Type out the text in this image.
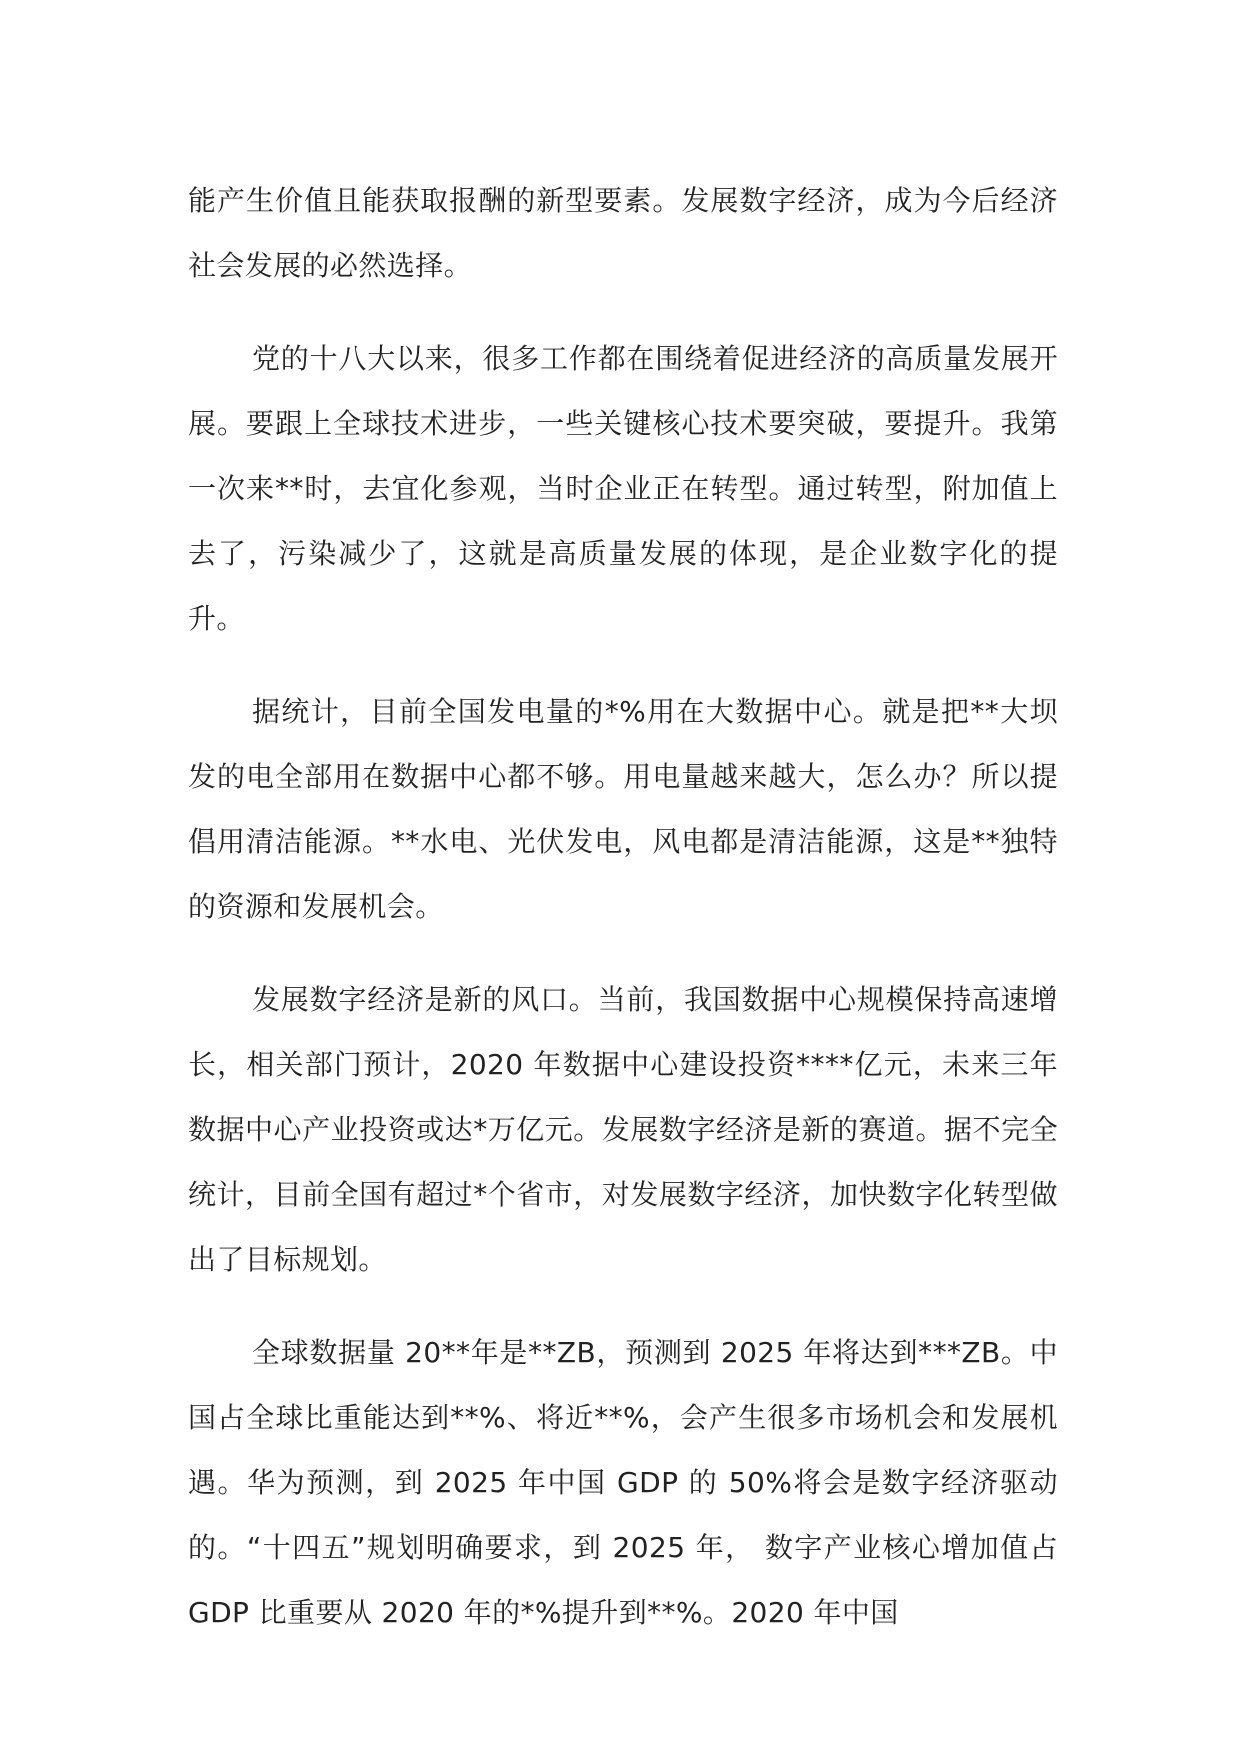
能产生价值且能获取报酬的新型要素。发展数字经济，成为今后经济社会发展的必然选择。

党的十八大以来，很多工作都在围绕着促进经济的高质量发展开展。要跟上全球技术进步，一些关键核心技术要突破，要提升。我第一次来**时，去宜化参观，当时企业正在转型。通过转型，附加值上去了，污染减少了，这就是高质量发展的体现，是企业数字化的提升。

据统计，目前全国发电量的*%用在大数据中心。就是把**大坝发的电全部用在数据中心都不够。用电量越来越大，怎么办？所以提倡用清洁能源。**水电、光伏发电，风电都是清洁能源，这是**独特的资源和发展机会。

发展数字经济是新的风口。当前，我国数据中心规模保持高速增长，相关部门预计，2020 年数据中心建设投资****亿元，未来三年数据中心产业投资或达*万亿元。发展数字经济是新的赛道。据不完全统计，目前全国有超过*个省市，对发展数字经济，加快数字化转型做出了目标规划。

全球数据量 20**年是**ZB，预测到 2025 年将达到***ZB。中国占全球比重能达到**%、将近**%，会产生很多市场机会和发展机遇。华为预测，到 2025 年中国 GDP 的 50%将会是数字经济驱动的。“十四五”规划明确要求，到 2025 年， 数字产业核心增加值占 GDP 比重要从 2020 年的*%提升到**%。2020 年中国
